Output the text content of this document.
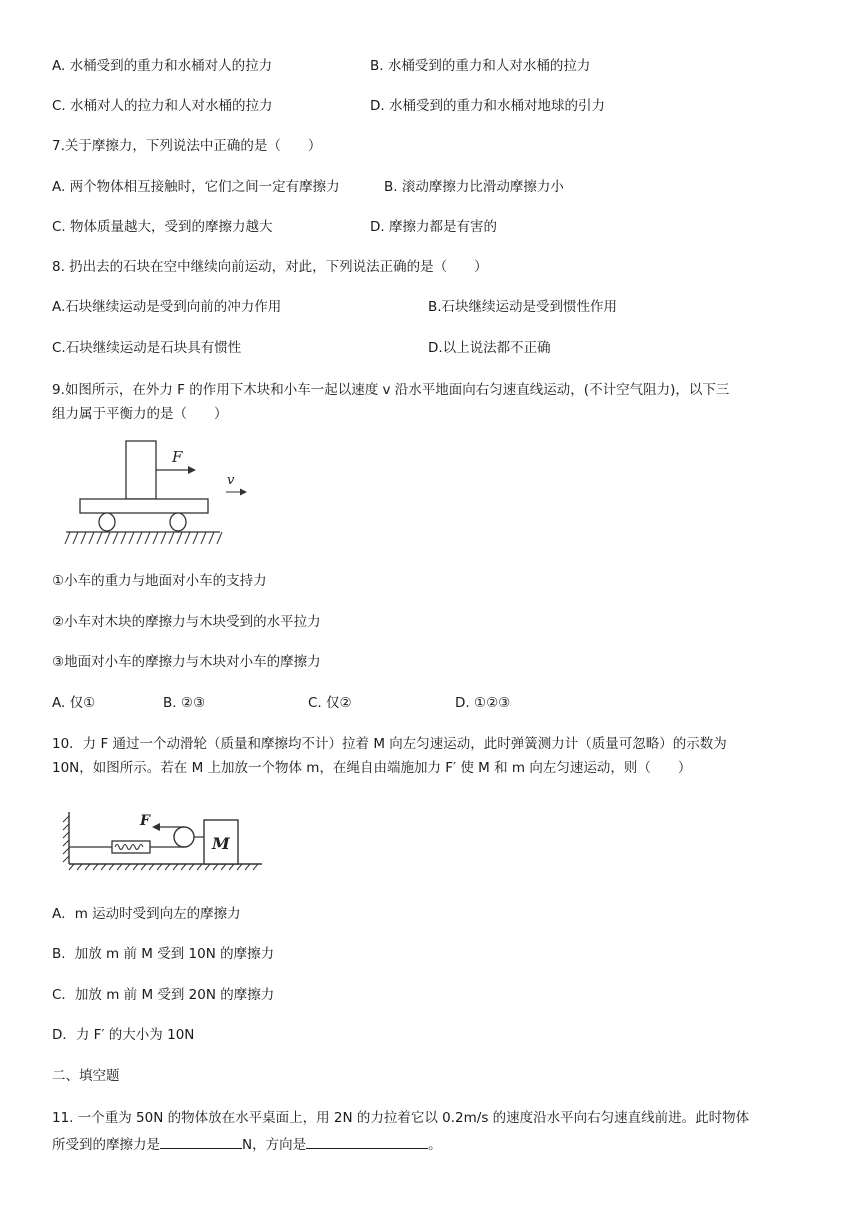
A. 水桶受到的重力和水桶对人的拉力	B. 水桶受到的重力和人对水桶的拉力
C. 水桶对人的拉力和人对水桶的拉力	D. 水桶受到的重力和水桶对地球的引力
7.关于摩擦力，下列说法中正确的是（　　）
A. 两个物体相互接触时，它们之间一定有摩擦力	B. 滚动摩擦力比滑动摩擦力小
C. 物体质量越大，受到的摩擦力越大	D. 摩擦力都是有害的
8. 扔出去的石块在空中继续向前运动，对此，下列说法正确的是（　　）
A.石块继续运动是受到向前的冲力作用	B.石块继续运动是受到惯性作用
C.石块继续运动是石块具有惯性	D.以上说法都不正确
9.如图所示，在外力 F 的作用下木块和小车一起以速度 v 沿水平地面向右匀速直线运动，(不计空气阻力)，以下三
组力属于平衡力的是（　　）
F
v
①小车的重力与地面对小车的支持力
②小车对木块的摩擦力与木块受到的水平拉力
③地面对小车的摩擦力与木块对小车的摩擦力
A. 仅①	B. ②③	C. 仅②	D. ①②③
10．力 F 通过一个动滑轮（质量和摩擦均不计）拉着 M 向左匀速运动，此时弹簧测力计（质量可忽略）的示数为
10N，如图所示。若在 M 上加放一个物体 m，在绳自由端施加力 F′ 使 M 和 m 向左匀速运动，则（　　）
F
M
A．m 运动时受到向左的摩擦力
B．加放 m 前 M 受到 10N 的摩擦力
C．加放 m 前 M 受到 20N 的摩擦力
D．力 F′ 的大小为 10N
二、填空题
11. 一个重为 50N 的物体放在水平桌面上，用 2N 的力拉着它以 0.2m/s 的速度沿水平向右匀速直线前进。此时物体
所受到的摩擦力是	N，方向是	。
